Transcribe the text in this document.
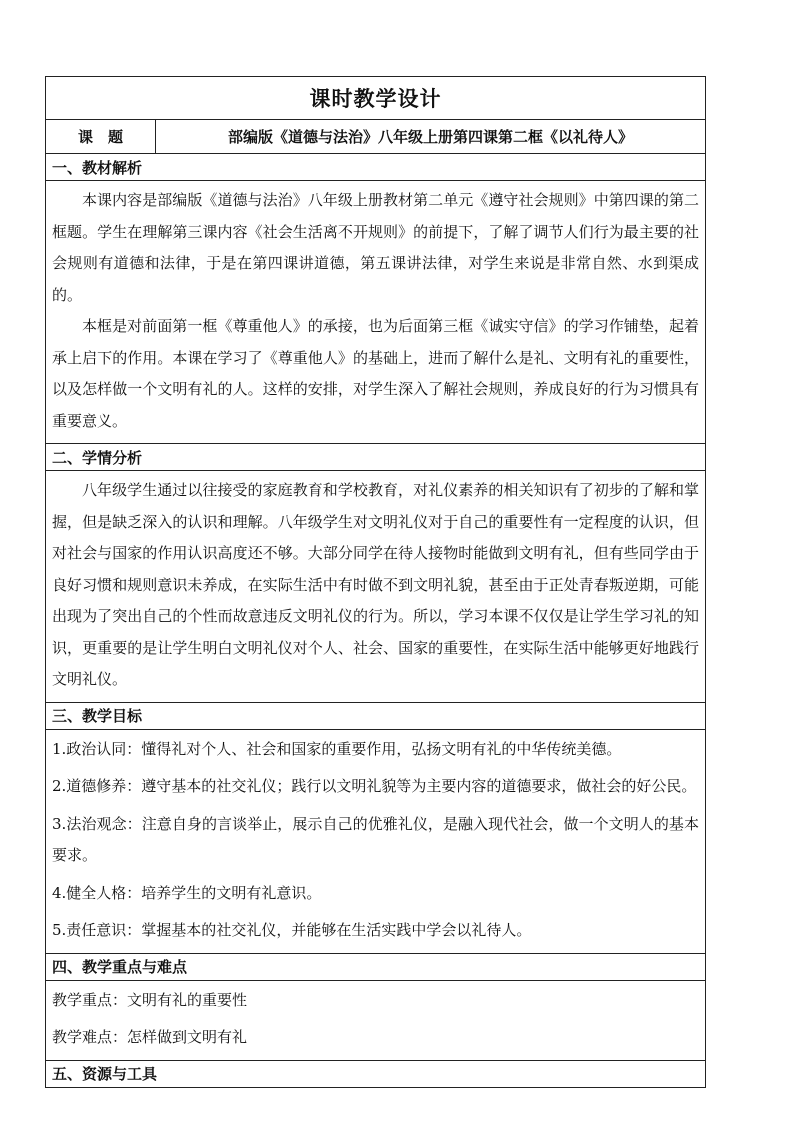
课时教学设计
课　题	部编版《道德与法治》八年级上册第四课第二框《以礼待人》
一、教材解析

本课内容是部编版《道德与法治》八年级上册教材第二单元《遵守社会规则》中第四课的第二框题。学生在理解第三课内容《社会生活离不开规则》的前提下，了解了调节人们行为最主要的社会规则有道德和法律，于是在第四课讲道德，第五课讲法律，对学生来说是非常自然、水到渠成的。

本框是对前面第一框《尊重他人》的承接，也为后面第三框《诚实守信》的学习作铺垫，起着承上启下的作用。本课在学习了《尊重他人》的基础上，进而了解什么是礼、文明有礼的重要性，以及怎样做一个文明有礼的人。这样的安排，对学生深入了解社会规则，养成良好的行为习惯具有重要意义。

二、学情分析

八年级学生通过以往接受的家庭教育和学校教育，对礼仪素养的相关知识有了初步的了解和掌握，但是缺乏深入的认识和理解。八年级学生对文明礼仪对于自己的重要性有一定程度的认识，但对社会与国家的作用认识高度还不够。大部分同学在待人接物时能做到文明有礼，但有些同学由于良好习惯和规则意识未养成，在实际生活中有时做不到文明礼貌，甚至由于正处青春叛逆期，可能出现为了突出自己的个性而故意违反文明礼仪的行为。所以，学习本课不仅仅是让学生学习礼的知识，更重要的是让学生明白文明礼仪对个人、社会、国家的重要性，在实际生活中能够更好地践行文明礼仪。

三、教学目标

1.政治认同：懂得礼对个人、社会和国家的重要作用，弘扬文明有礼的中华传统美德。

2.道德修养：遵守基本的社交礼仪；践行以文明礼貌等为主要内容的道德要求，做社会的好公民。

3.法治观念：注意自身的言谈举止，展示自己的优雅礼仪，是融入现代社会，做一个文明人的基本要求。

4.健全人格：培养学生的文明有礼意识。

5.责任意识：掌握基本的社交礼仪，并能够在生活实践中学会以礼待人。

四、教学重点与难点

教学重点：文明有礼的重要性

教学难点：怎样做到文明有礼

五、资源与工具
